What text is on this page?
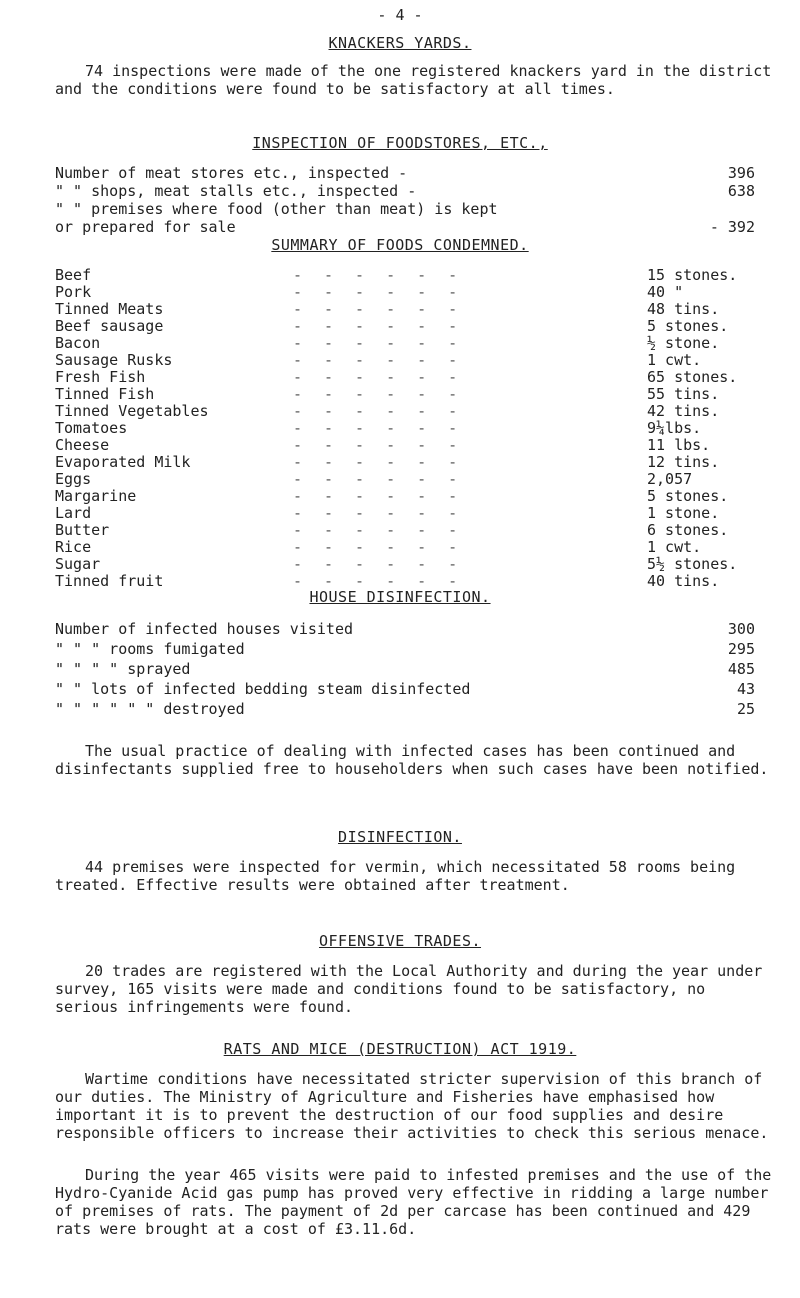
- 4 -
KNACKERS YARDS.

74 inspections were made of the one registered knackers yard in the district and the conditions were found to be satisfactory at all times.

INSPECTION OF FOODSTORES, ETC.,
Number of meat stores etc., inspected -	396
" " shops, meat stalls etc., inspected -	638
" " premises where food (other than meat) is kept
or prepared for sale	- 392
SUMMARY OF FOODS CONDEMNED.
Beef	------	15 stones.
Pork	------	40 "
Tinned Meats	------	48 tins.
Beef sausage	------	5 stones.
Bacon	------	½ stone.
Sausage Rusks	------	1 cwt.
Fresh Fish	------	65 stones.
Tinned Fish	------	55 tins.
Tinned Vegetables	------	42 tins.
Tomatoes	------	9¼lbs.
Cheese	------	11 lbs.
Evaporated Milk	------	12 tins.
Eggs	------	2,057
Margarine	------	5 stones.
Lard	------	1 stone.
Butter	------	6 stones.
Rice	------	1 cwt.
Sugar	------	5½ stones.
Tinned fruit	------	40 tins.
HOUSE DISINFECTION.
Number of infected houses visited	300
" " " rooms fumigated	295
" " " " sprayed	485
" " lots of infected bedding steam disinfected	43
" " " " " " destroyed	25

The usual practice of dealing with infected cases has been continued and disinfectants supplied free to householders when such cases have been notified.

DISINFECTION.

44 premises were inspected for vermin, which necessitated 58 rooms being treated. Effective results were obtained after treatment.

OFFENSIVE TRADES.

20 trades are registered with the Local Authority and during the year under survey, 165 visits were made and conditions found to be satisfactory, no serious infringements were found.

RATS AND MICE (DESTRUCTION) ACT 1919.

Wartime conditions have necessitated stricter supervision of this branch of our duties. The Ministry of Agriculture and Fisheries have emphasised how important it is to prevent the destruction of our food supplies and desire responsible officers to increase their activities to check this serious menace.

During the year 465 visits were paid to infested premises and the use of the Hydro-Cyanide Acid gas pump has proved very effective in ridding a large number of premises of rats. The payment of 2d per carcase has been continued and 429 rats were brought at a cost of £3.11.6d.
